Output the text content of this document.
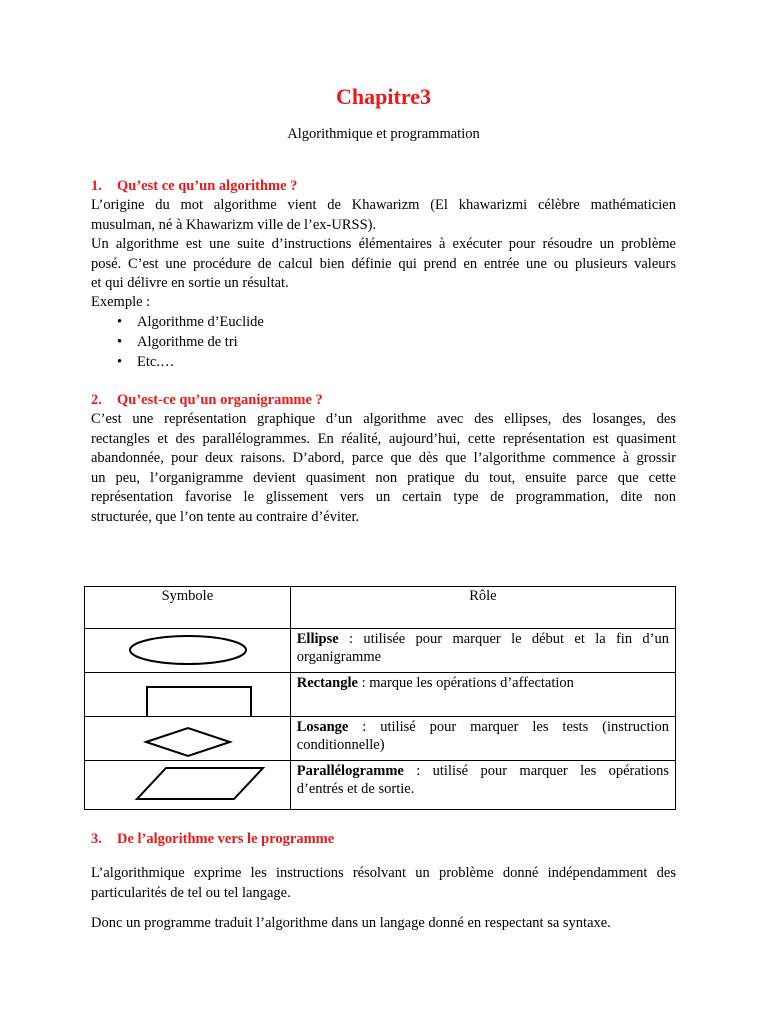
Chapitre3

Algorithmique et programmation

1. Qu’est ce qu’un algorithme ?
L’origine du mot algorithme vient de Khawarizm (El khawarizmi célèbre mathématicien
musulman, né à Khawarizm ville de l’ex-URSS).
Un algorithme est une suite d’instructions élémentaires à exécuter pour résoudre un problème
posé. C’est une procédure de calcul bien définie qui prend en entrée une ou plusieurs valeurs
et qui délivre en sortie un résultat.
Exemple :
• Algorithme d’Euclide
• Algorithme de tri
• Etc.…
2. Qu’est-ce qu’un organigramme ?
C’est une représentation graphique d’un algorithme avec des ellipses, des losanges, des
rectangles et des parallélogrammes. En réalité, aujourd’hui, cette représentation est quasiment
abandonnée, pour deux raisons. D’abord, parce que dès que l’algorithme commence à grossir
un peu, l’organigramme devient quasiment non pratique du tout, ensuite parce que cette
représentation favorise le glissement vers un certain type de programmation, dite non
structurée, que l’on tente au contraire d’éviter.
Symbole	Rôle

Ellipse : utilisée pour marquer le début et la fin d’un
organigramme

Rectangle : marque les opérations d’affectation

Losange : utilisé pour marquer les tests (instruction
conditionnelle)

Parallélogramme : utilisé pour marquer les opérations
d’entrés et de sortie.
3. De l’algorithme vers le programme
L’algorithmique exprime les instructions résolvant un problème donné indépendamment des
particularités de tel ou tel langage.
Donc un programme traduit l’algorithme dans un langage donné en respectant sa syntaxe.
